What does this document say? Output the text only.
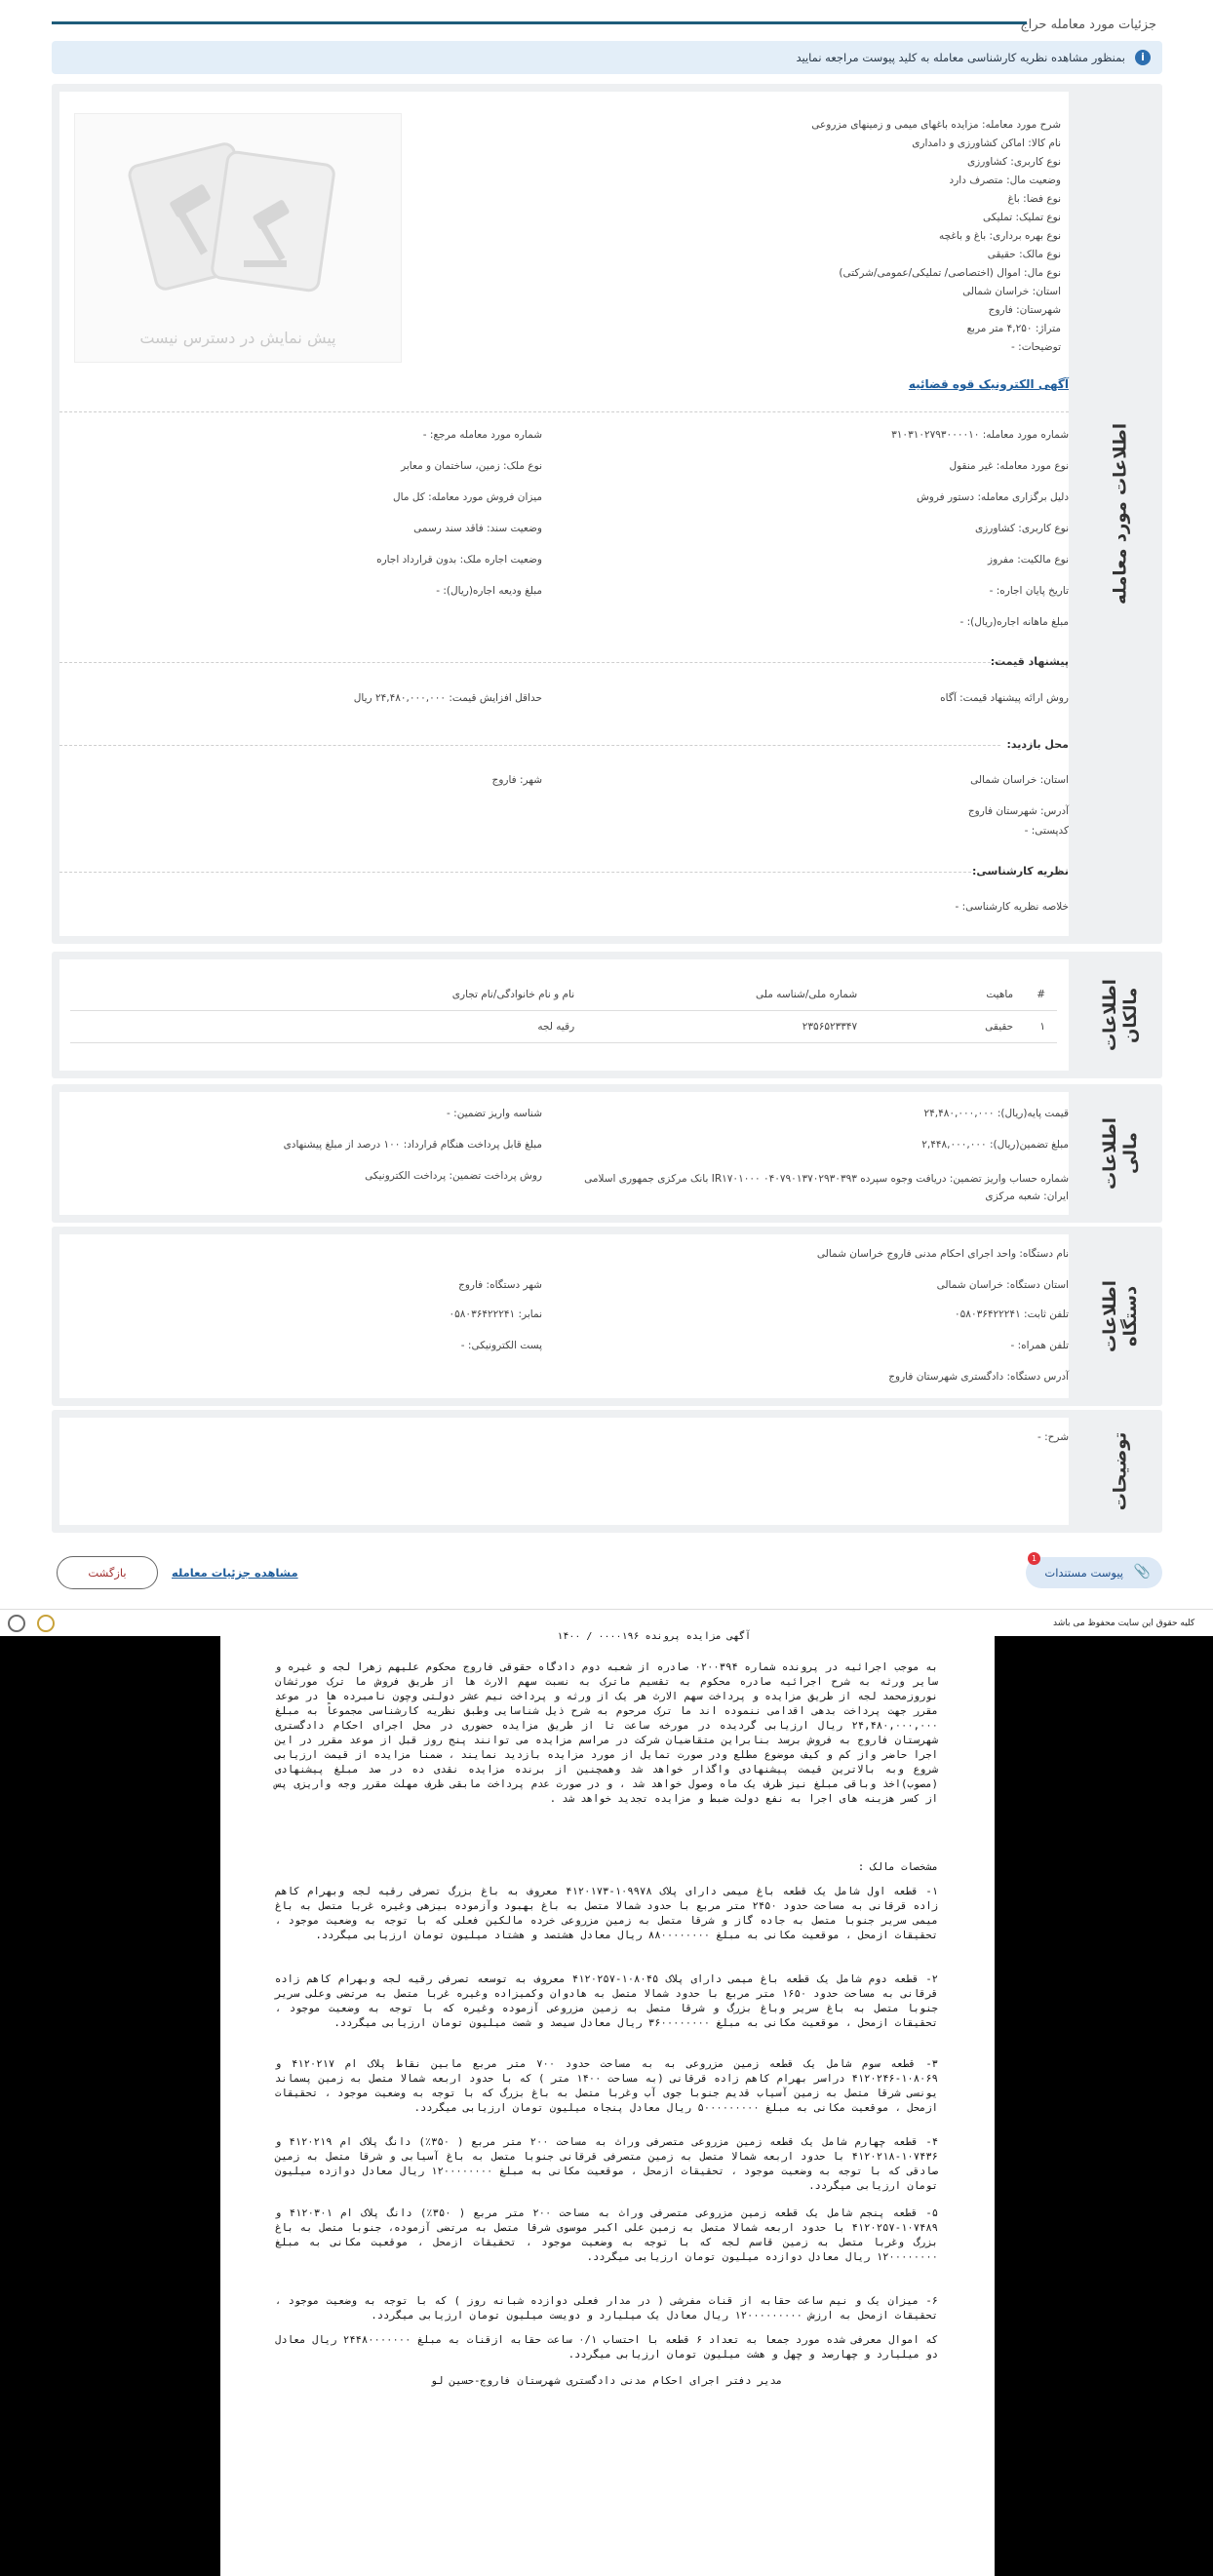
جزئیات مورد معامله حراج
i
بمنظور مشاهده نظریه کارشناسی معامله به کلید پیوست مراجعه نمایید
اطلاعات مورد معامله
شرح مورد معامله: مزایده باغهای میمی و زمینهای مزروعی
نام کالا: اماکن کشاورزی و دامداری
نوع کاربری: کشاورزی
وضعیت مال: متصرف دارد
نوع فضا: باغ
نوع تملیک: تملیکی
نوع بهره برداری: باغ و باغچه
نوع مالک: حقیقی
نوع مال: اموال (اختصاصی/ تملیکی/عمومی/شرکتی)
استان: خراسان شمالی
شهرستان: فاروج
متراژ: ۴,۲۵۰ متر مربع
توضیحات: -
پیش نمایش در دسترس نیست
آگهی الکترونیک قوه قضائیه
شماره مورد معامله: ۳۱۰۳۱۰۲۷۹۳۰۰۰۰۱۰
شماره مورد معامله مرجع: -
نوع مورد معامله: غیر منقول
نوع ملک: زمین، ساختمان و معابر
دلیل برگزاری معامله: دستور فروش
میزان فروش مورد معامله: کل مال
نوع کاربری: کشاورزی
وضعیت سند: فاقد سند رسمی
نوع مالکیت: مفروز
وضعیت اجاره ملک: بدون قرارداد اجاره
تاریخ پایان اجاره: -
مبلغ ودیعه اجاره(ریال): -
مبلغ ماهانه اجاره(ریال): -
پیشنهاد قیمت:
روش ارائه پیشنهاد قیمت: آگاه
حداقل افزایش قیمت: ۲۴,۴۸۰,۰۰۰,۰۰۰ ریال
محل بازدید:
استان: خراسان شمالی
شهر: فاروج
آدرس: شهرستان فاروج
کدپستی: -
نظریه کارشناسی:
خلاصه نظریه کارشناسی: -
اطلاعات مالکان
#	ماهیت	شماره ملی/شناسه ملی	نام و نام خانوادگی/نام تجاری
۱	حقیقی	۲۳۵۶۵۲۳۳۴۷	رقیه لجه
اطلاعات مالی
قیمت پایه(ریال): ۲۴,۴۸۰,۰۰۰,۰۰۰
شناسه واریز تضمین: -
مبلغ تضمین(ریال): ۲,۴۴۸,۰۰۰,۰۰۰
مبلغ قابل پرداخت هنگام قرارداد: ۱۰۰ درصد از مبلغ پیشنهادی
شماره حساب واریز تضمین: دریافت وجوه سپرده ۰۴۰۷۹۰۱۳۷۰۲۹۳۰۳۹۳ IR۱۷۰۱۰۰۰ بانک مرکزی جمهوری اسلامی ایران: شعبه مرکزی
روش پرداخت تضمین: پرداخت الکترونیکی
اطلاعات دستگاه
نام دستگاه: واحد اجرای احکام مدنی فاروج خراسان شمالی
استان دستگاه: خراسان شمالی
شهر دستگاه: فاروج
تلفن ثابت: ۰۵۸۰۳۶۴۲۲۲۴۱
نمابر: ۰۵۸۰۳۶۴۲۲۲۴۱
تلفن همراه: -
پست الکترونیکی: -
آدرس دستگاه: دادگستری شهرستان فاروج
توضیحات
شرح: -
📎
پیوست مستندات
1
مشاهده جزئیات معامله
بازگشت
کلیه حقوق این سایت محفوظ می باشد
آگهی مزایده پرونده ۰۰۰۰۱۹۶ / ۱۴۰۰
به موجب اجرائیه در پرونده شماره ۰۲۰۰۳۹۴ صادره از شعبه دوم دادگاه حقوقی فاروج محکوم علیهم زهرا لجه و غیره و سایر ورثه به شرح اجرائیه صادره محکوم به تقسیم ماترک به نسبت سهم الارث ها از طریق فروش ما ترک مورثشان نوروزمحمد لجه از طریق مزایده و پرداخت سهم الارث هر یک از ورثه و پرداخت نیم عشر دولتی وچون نامبرده ها در موعد مقرر جهت پرداخت بدهی اقدامی ننموده اند ما ترک مرحوم به شرح ذیل شناسایی وطبق نظریه کارشناسی مجموعاً به مبلغ ۲۴,۴۸۰,۰۰۰,۰۰۰ ریال ارزیابی گردیده در مورخه ساعت تا از طریق مزایده حضوری در محل اجرای احکام دادگستری شهرستان فاروج به فروش برسد بنابراین متقاضیان شرکت در مراسم مزایده می توانند پنج روز قبل از موعد مقرر در این اجرا حاضر واز کم و کیف موضوع مطلع ودر صورت تمایل از مورد مزایده بازدید نمایند ، ضمنا مزایده از قیمت ارزیابی شروع وبه بالاترین قیمت پیشنهادی واگذار خواهد شد وهمچنین از برنده مزایده نقدی ده در صد مبلغ پیشنهادی (مصوب)اخذ وباقی مبلغ نیز ظرف یک ماه وصول خواهد شد ، و در صورت عدم پرداخت مابقی ظرف مهلت مقرر وجه واریزی پس از کسر هزینه های اجرا به نفع دولت ضبط و مزایده تجدید خواهد شد .
مشخصات مالک :
۱- قطعه اول شامل یک قطعه باغ میمی دارای پلاک ۱۰۹۹۷۸-۴۱۲۰۱۷۳ معروف به باغ بزرگ تصرفی رقیه لجه وبهرام کاهم زاده قرقانی به مساحت حدود ۲۴۵۰ متر مربع با حدود شمالا متصل به باغ بهبود وآزموده بیزهی وغیره غربا متصل به باغ میمی سریر جنوبا متصل به جاده گاز و شرقا متصل به زمین مزروعی خرده مالکین فعلی که با توجه به وضعیت موجود ، تحقیقات ازمحل ، موقعیت مکانی به مبلغ ۸۸۰۰۰۰۰۰۰۰ ریال معادل هشتصد و هشتاد میلیون تومان ارزیابی میگردد.
۲- قطعه دوم شامل یک قطعه باغ میمی دارای پلاک ۱۰۸۰۴۵-۴۱۲۰۲۵۷ معروف به توسعه تصرفی رقیه لجه وبهرام کاهم زاده قرقانی به مساحت حدود ۱۶۵۰ متر مربع با حدود شمالا متصل به هادوان وکمیزاده وغیره غربا متصل به مرتضی وعلی سریر جنوبا متصل به باغ سریر وباغ بزرگ و شرقا متصل به زمین مزروعی آزموده وغیره که با توجه به وضعیت موجود ، تحقیقات ازمحل ، موقعیت مکانی به مبلغ ۳۶۰۰۰۰۰۰۰۰ ریال معادل سیصد و شصت میلیون تومان ارزیابی میگردد.
۳- قطعه سوم شامل یک قطعه زمین مزروعی به به مساحت حدود ۷۰۰ متر مربع مابین نقاط پلاک ام ۴۱۲۰۲۱۷ و ۱۰۸۰۶۹-۴۱۲۰۲۴۶ دراسر بهرام کاهم زاده قرقانی (به مساحت ۱۴۰۰ متر ) که با حدود اربعه شمالا متصل به زمین پسماند یونسی شرقا متصل به زمین آسیاب قدیم جنوبا جوی آب وغربا متصل به باغ بزرگ که با توجه به وضعیت موجود ، تحقیقات ازمحل ، موقعیت مکانی به مبلغ ۵۰۰۰۰۰۰۰۰۰ ریال معادل پنجاه میلیون تومان ارزیابی میگردد.
۴- قطعه چهارم شامل یک قطعه زمین مزروعی متصرفی وراث به مساحت ۲۰۰ متر مربع ( ۳۵۰٪) دانگ پلاک ام ۴۱۲۰۲۱۹ و ۱۰۷۴۳۶-۴۱۲۰۲۱۸ با حدود اربعه شمالا متصل به زمین متصرفی قرقانی جنوبا متصل به باغ آسیابی و شرقا متصل به زمین صادقی که با توجه به وضعیت موجود ، تحقیقات ازمحل ، موقعیت مکانی به مبلغ ۱۲۰۰۰۰۰۰۰۰ ریال معادل دوازده میلیون تومان ارزیابی میگردد.
۵- قطعه پنجم شامل یک قطعه زمین مزروعی متصرفی وراث به مساحت ۲۰۰ متر مربع ( ۳۵۰٪) دانگ پلاک ام ۴۱۲۰۳۰۱ و ۱۰۷۴۸۹-۴۱۲۰۲۵۷ با حدود اربعه شمالا متصل به زمین علی اکبر موسوی شرقا متصل به مرتضی آزموده، جنوبا متصل به باغ بزرگ وغربا متصل به زمین قاسم لجه که با توجه به وضعیت موجود ، تحقیقات ازمحل ، موقعیت مکانی به مبلغ ۱۲۰۰۰۰۰۰۰۰ ریال معادل دوازده میلیون تومان ارزیابی میگردد.
۶- میزان یک و نیم ساعت حقابه از قنات مفرشی ( در مدار فعلی دوازده شبانه روز ) که با توجه به وضعیت موجود ، تحقیقات ازمحل به ارزش ۱۲۰۰۰۰۰۰۰۰۰ ریال معادل یک میلیارد و دویست میلیون تومان ارزیابی میگردد.
که اموال معرفی شده مورد جمعا به تعداد ۶ قطعه با احتساب ۰/۱ ساعت حقابه ازقنات به مبلغ ۲۴۴۸۰۰۰۰۰۰۰ ریال معادل دو میلیارد و چهارصد و چهل و هشت میلیون تومان ارزیابی میگردد.
مدیر دفتر اجرای احکام مدنی دادگستری شهرستان فاروج-حسین لو
